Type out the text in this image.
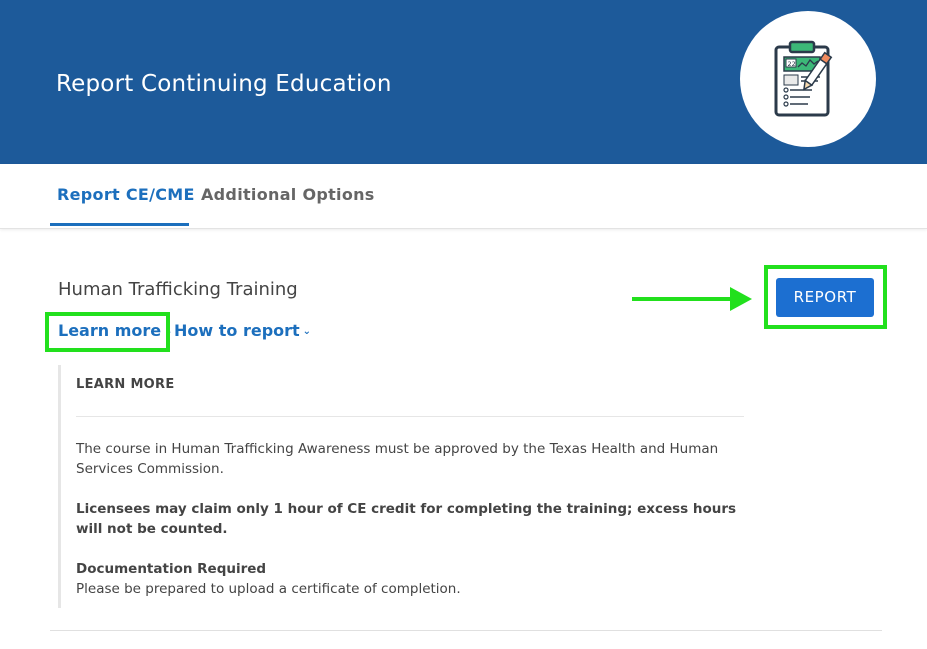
Report Continuing Education
22
Report CE/CME Additional Options
Human Trafficking Training
Learn more ⌄ How to report ⌄
REPORT
LEARN MORE
The course in Human Trafficking Awareness must be approved by the Texas Health and Human Services Commission.
Licensees may claim only 1 hour of CE credit for completing the training; excess hours will not be counted.
Documentation Required
Please be prepared to upload a certificate of completion.
